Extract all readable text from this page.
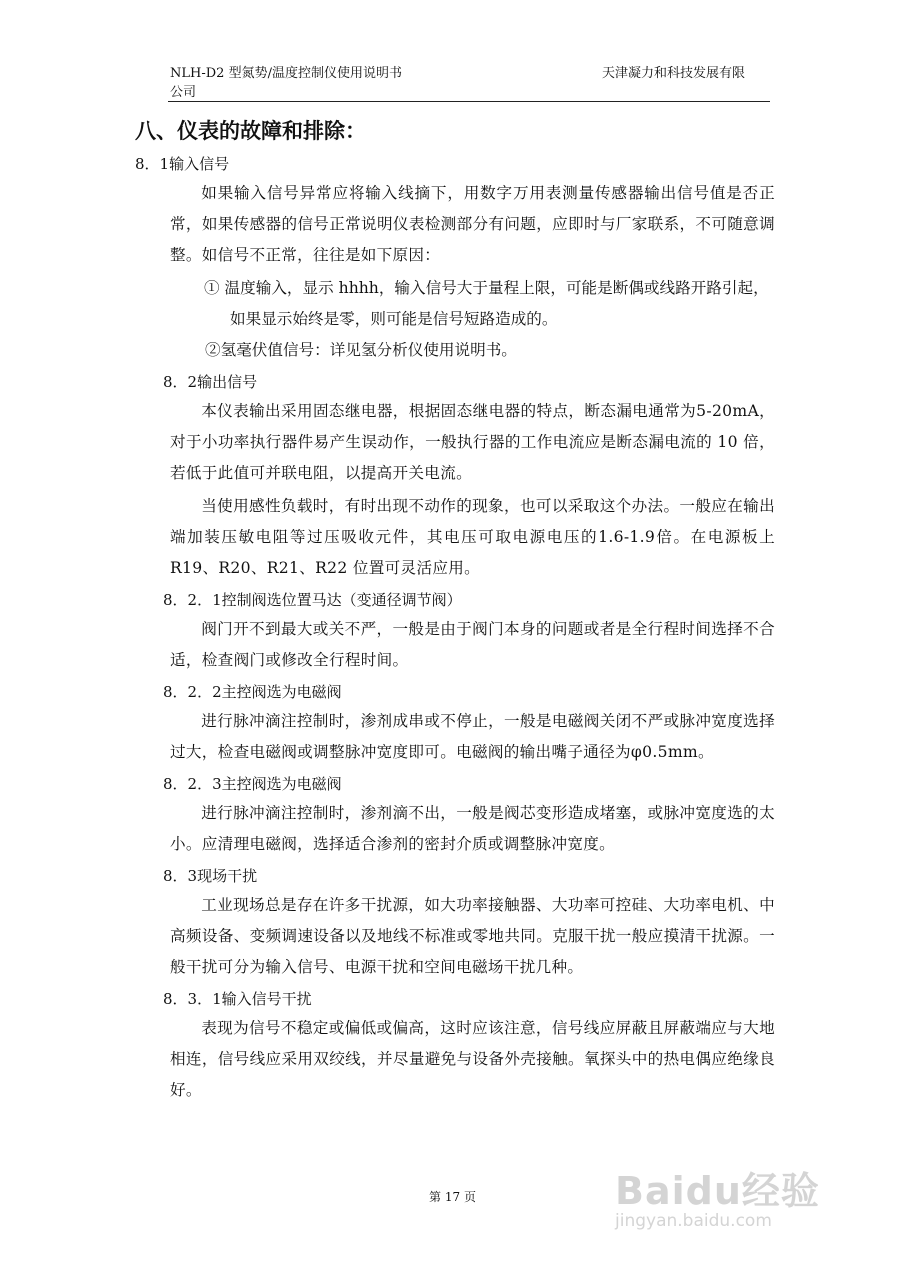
NLH-D2 型氮势/温度控制仪使用说明书
公司
天津凝力和科技发展有限
八、仪表的故障和排除：
8．1输入信号

如果输入信号异常应将输入线摘下，用数字万用表测量传感器输出信号值是否正常，如果传感器的信号正常说明仪表检测部分有问题，应即时与厂家联系，不可随意调整。如信号不正常，往往是如下原因：

① 温度输入，显示 hhhh，输入信号大于量程上限，可能是断偶或线路开路引起，如果显示始终是零，则可能是信号短路造成的。

②氢毫伏值信号：详见氢分析仪使用说明书。

8．2输出信号

本仪表输出采用固态继电器，根据固态继电器的特点，断态漏电通常为5-20mA，对于小功率执行器件易产生误动作，一般执行器的工作电流应是断态漏电流的 10 倍，若低于此值可并联电阻，以提高开关电流。

当使用感性负载时，有时出现不动作的现象，也可以采取这个办法。一般应在输出端加装压敏电阻等过压吸收元件，其电压可取电源电压的1.6-1.9倍。在电源板上 R19、R20、R21、R22 位置可灵活应用。

8．2．1控制阀选位置马达（变通径调节阀）

阀门开不到最大或关不严，一般是由于阀门本身的问题或者是全行程时间选择不合适，检查阀门或修改全行程时间。

8．2．2主控阀选为电磁阀

进行脉冲滴注控制时，渗剂成串或不停止，一般是电磁阀关闭不严或脉冲宽度选择过大，检查电磁阀或调整脉冲宽度即可。电磁阀的输出嘴子通径为φ0.5mm。

8．2．3主控阀选为电磁阀

进行脉冲滴注控制时，渗剂滴不出，一般是阀芯变形造成堵塞，或脉冲宽度选的太小。应清理电磁阀，选择适合渗剂的密封介质或调整脉冲宽度。

8．3现场干扰

工业现场总是存在许多干扰源，如大功率接触器、大功率可控硅、大功率电机、中高频设备、变频调速设备以及地线不标准或零地共同。克服干扰一般应摸清干扰源。一般干扰可分为输入信号、电源干扰和空间电磁场干扰几种。

8．3．1输入信号干扰

表现为信号不稳定或偏低或偏高，这时应该注意，信号线应屏蔽且屏蔽端应与大地相连，信号线应采用双绞线，并尽量避免与设备外壳接触。氧探头中的热电偶应绝缘良好。

第 17 页	Baidu经验
jingyan.baidu.com
